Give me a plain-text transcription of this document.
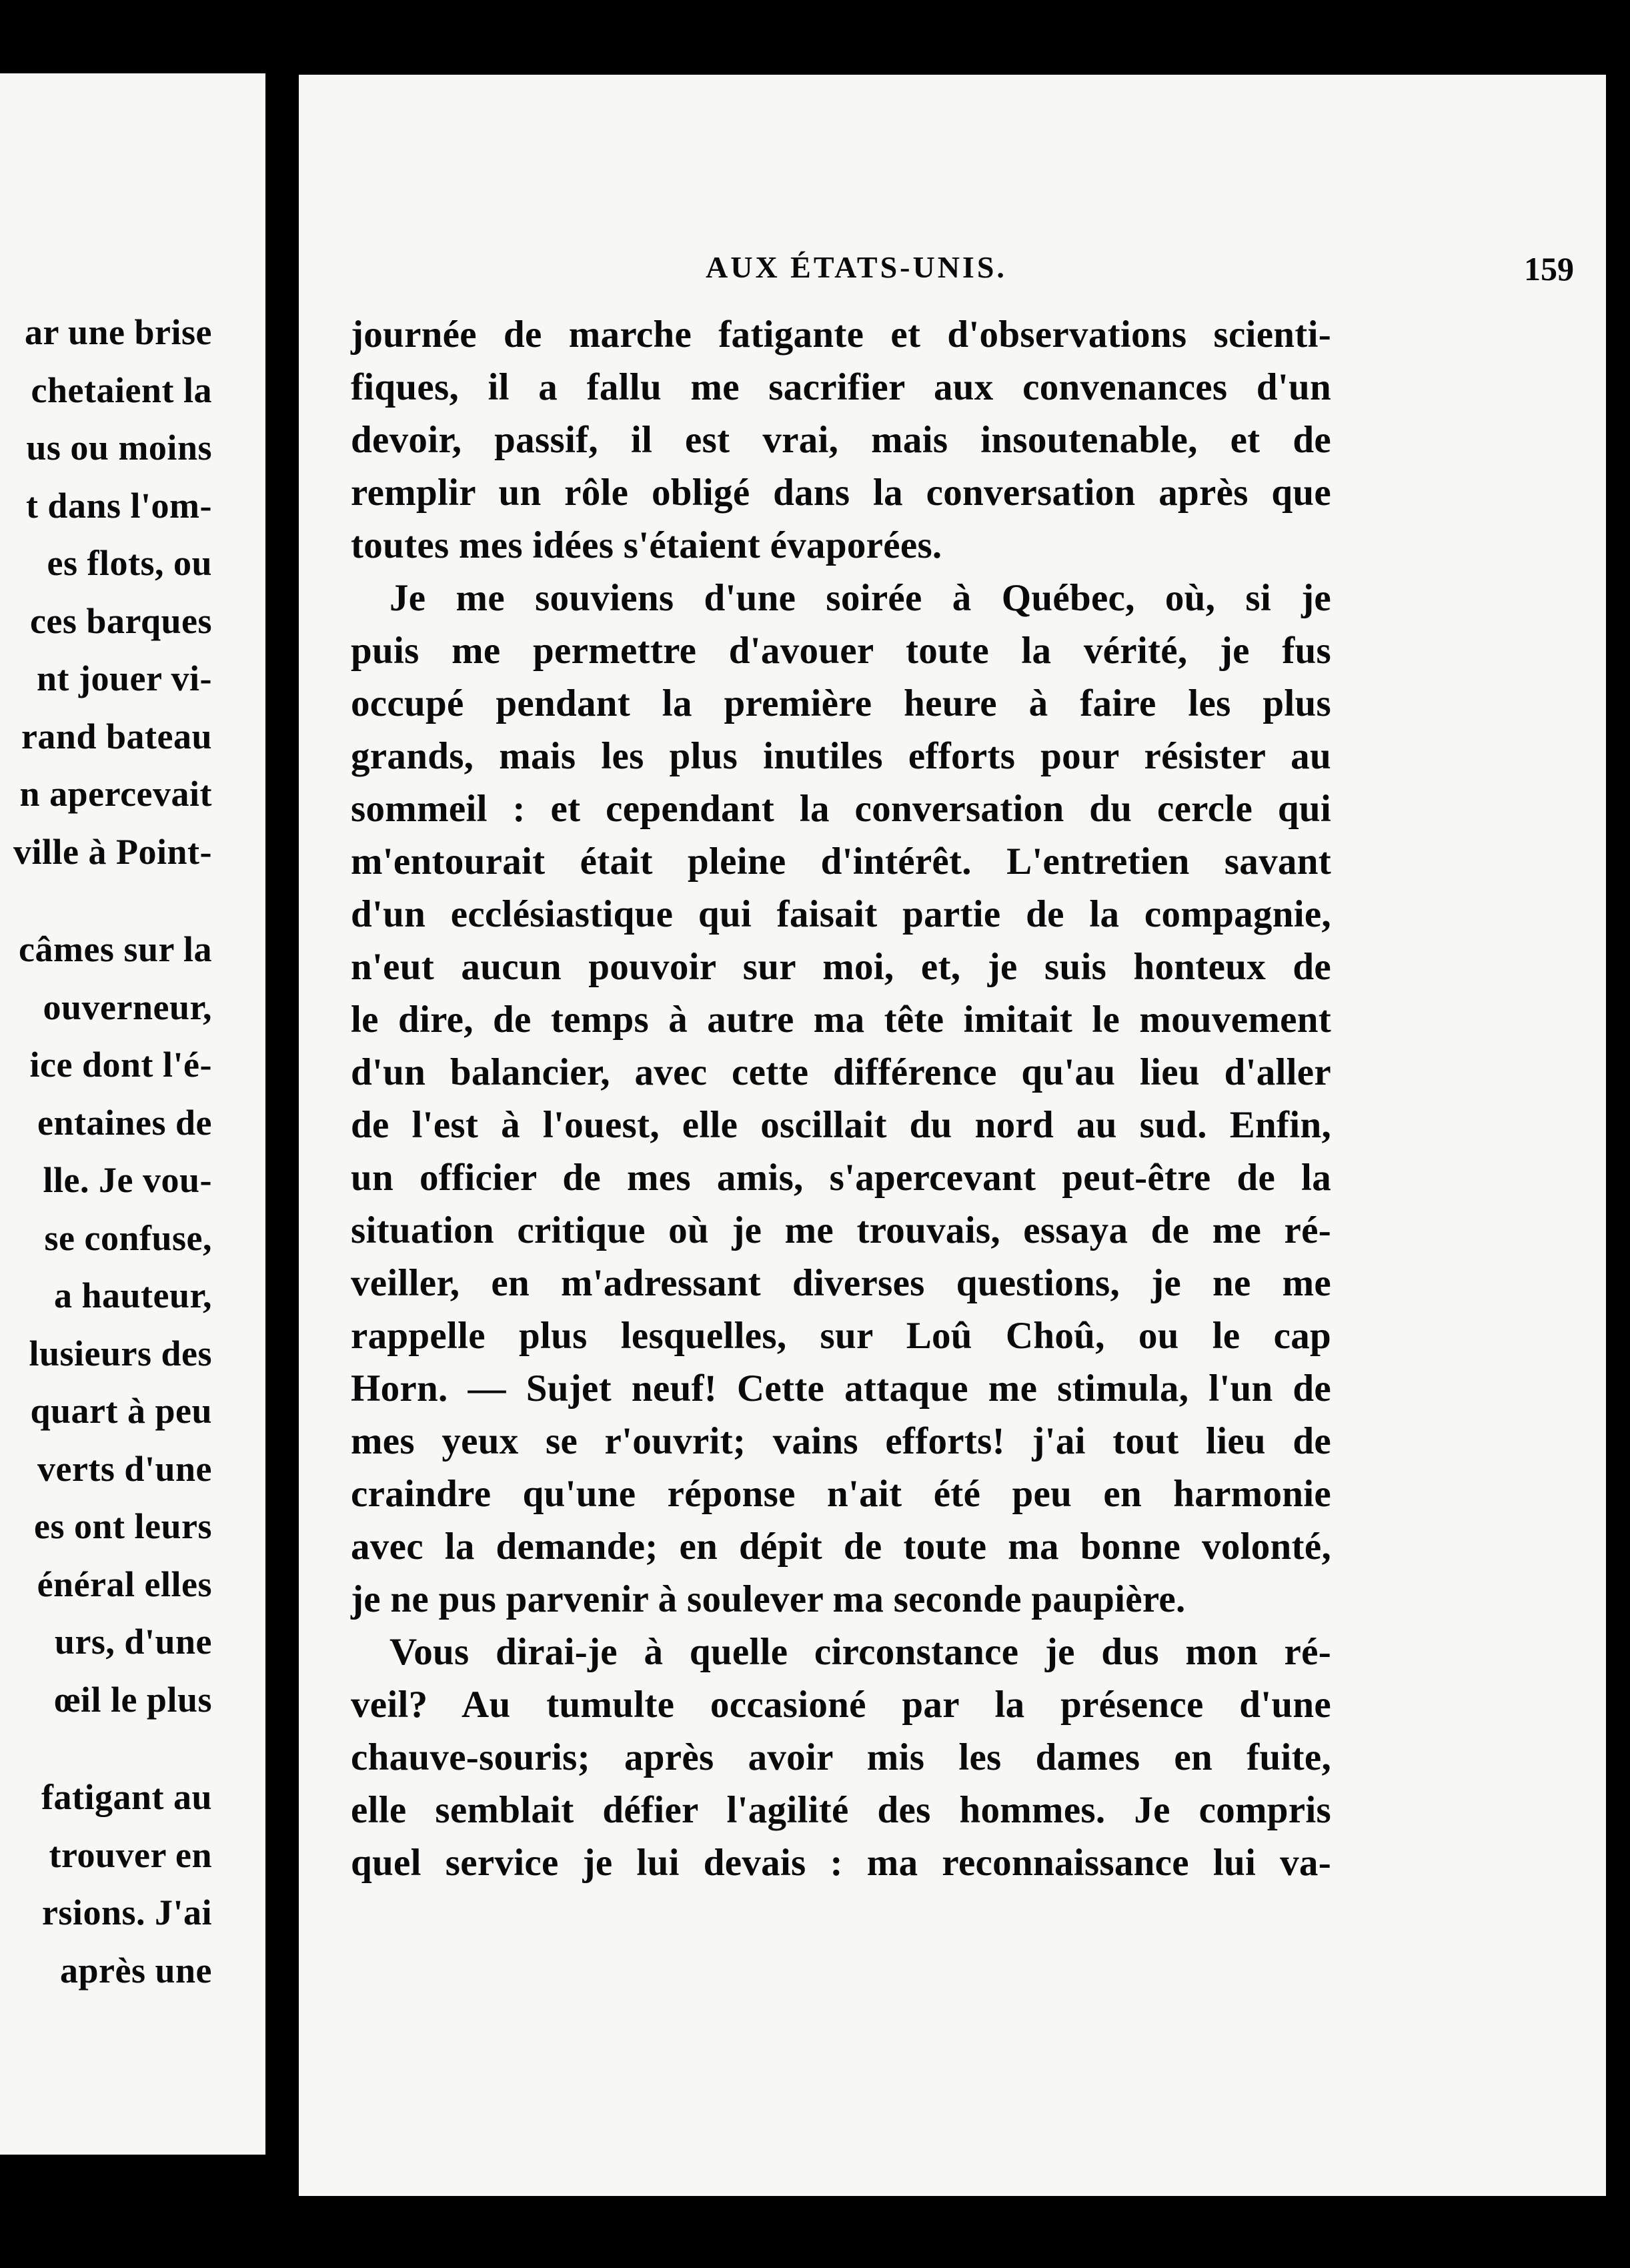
ar une brise
chetaient la
us ou moins
t dans l'om-
es flots, ou
ces barques
nt jouer vi-
rand bateau
n apercevait
ville à Point-
câmes sur la
ouverneur,
ice dont l'é-
entaines de
lle. Je vou-
se confuse,
a hauteur,
lusieurs des
quart à peu
verts d'une
es ont leurs
énéral elles
urs, d'une
œil le plus
fatigant au
trouver en
rsions. J'ai
après une
AUX ÉTATS-UNIS.	159
journée de marche fatigante et d'observations scienti-
fiques, il a fallu me sacrifier aux convenances d'un
devoir, passif, il est vrai, mais insoutenable, et de
remplir un rôle obligé dans la conversation après que
toutes mes idées s'étaient évaporées.
Je me souviens d'une soirée à Québec, où, si je
puis me permettre d'avouer toute la vérité, je fus
occupé pendant la première heure à faire les plus
grands, mais les plus inutiles efforts pour résister au
sommeil : et cependant la conversation du cercle qui
m'entourait était pleine d'intérêt. L'entretien savant
d'un ecclésiastique qui faisait partie de la compagnie,
n'eut aucun pouvoir sur moi, et, je suis honteux de
le dire, de temps à autre ma tête imitait le mouvement
d'un balancier, avec cette différence qu'au lieu d'aller
de l'est à l'ouest, elle oscillait du nord au sud. Enfin,
un officier de mes amis, s'apercevant peut-être de la
situation critique où je me trouvais, essaya de me ré-
veiller, en m'adressant diverses questions, je ne me
rappelle plus lesquelles, sur Loû Choû, ou le cap
Horn. — Sujet neuf! Cette attaque me stimula, l'un de
mes yeux se r'ouvrit; vains efforts! j'ai tout lieu de
craindre qu'une réponse n'ait été peu en harmonie
avec la demande; en dépit de toute ma bonne volonté,
je ne pus parvenir à soulever ma seconde paupière.
Vous dirai-je à quelle circonstance je dus mon ré-
veil? Au tumulte occasioné par la présence d'une
chauve-souris; après avoir mis les dames en fuite,
elle semblait défier l'agilité des hommes. Je compris
quel service je lui devais : ma reconnaissance lui va-
